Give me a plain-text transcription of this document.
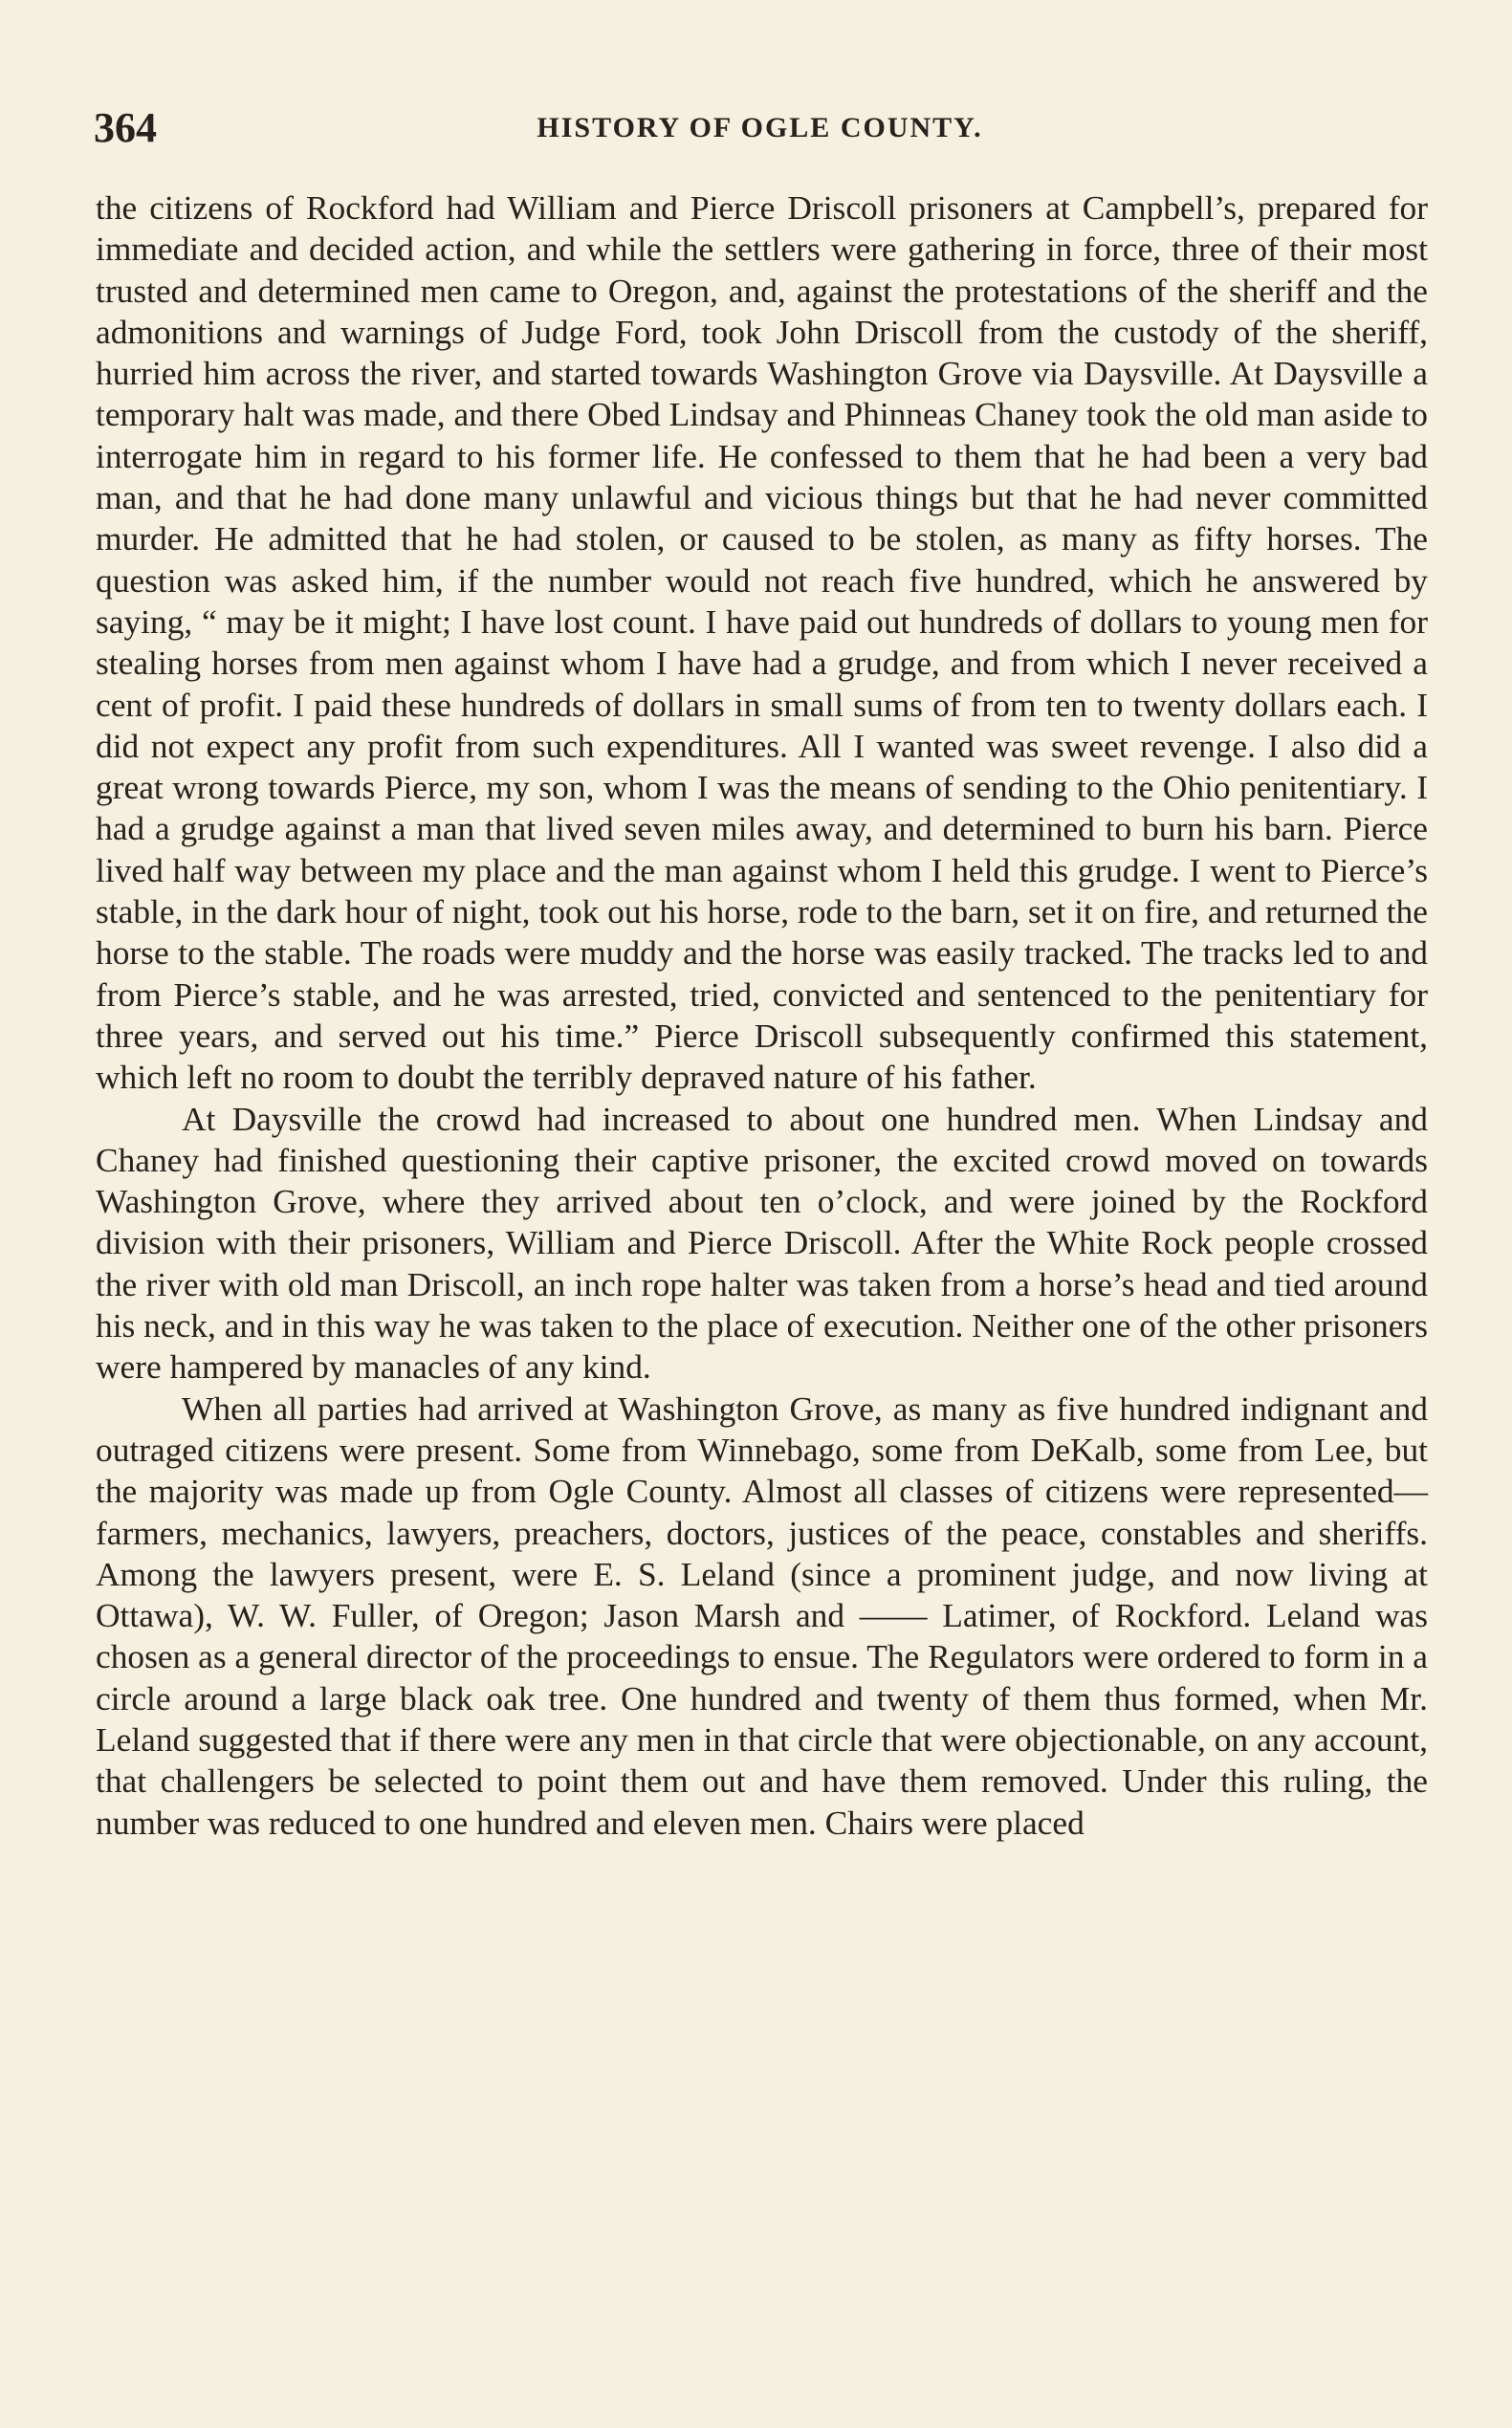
364	HISTORY OF OGLE COUNTY.

the citizens of Rockford had William and Pierce Driscoll prisoners at Campbell’s, prepared for immediate and decided action, and while the settlers were gathering in force, three of their most trusted and determined men came to Oregon, and, against the protestations of the sheriff and the admonitions and warnings of Judge Ford, took John Driscoll from the custody of the sheriff, hurried him across the river, and started towards Washington Grove via Daysville. At Daysville a temporary halt was made, and there Obed Lindsay and Phinneas Chaney took the old man aside to interrogate him in regard to his former life. He confessed to them that he had been a very bad man, and that he had done many unlawful and vicious things but that he had never committed murder. He admitted that he had stolen, or caused to be stolen, as many as fifty horses. The question was asked him, if the number would not reach five hundred, which he answered by saying, “ may be it might; I have lost count. I have paid out hundreds of dollars to young men for stealing horses from men against whom I have had a grudge, and from which I never received a cent of profit. I paid these hundreds of dollars in small sums of from ten to twenty dollars each. I did not expect any profit from such expenditures. All I wanted was sweet revenge. I also did a great wrong towards Pierce, my son, whom I was the means of sending to the Ohio penitentiary. I had a grudge against a man that lived seven miles away, and determined to burn his barn. Pierce lived half way between my place and the man against whom I held this grudge. I went to Pierce’s stable, in the dark hour of night, took out his horse, rode to the barn, set it on fire, and returned the horse to the stable. The roads were muddy and the horse was easily tracked. The tracks led to and from Pierce’s stable, and he was arrested, tried, convicted and sentenced to the penitentiary for three years, and served out his time.” Pierce Driscoll subsequently confirmed this statement, which left no room to doubt the terribly depraved nature of his father.

At Daysville the crowd had increased to about one hundred men. When Lindsay and Chaney had finished questioning their captive prisoner, the excited crowd moved on towards Washington Grove, where they arrived about ten o’clock, and were joined by the Rockford division with their prisoners, William and Pierce Driscoll. After the White Rock people crossed the river with old man Driscoll, an inch rope halter was taken from a horse’s head and tied around his neck, and in this way he was taken to the place of execution. Neither one of the other prisoners were hampered by manacles of any kind.

When all parties had arrived at Washington Grove, as many as five hundred indignant and outraged citizens were present. Some from Winnebago, some from DeKalb, some from Lee, but the majority was made up from Ogle County. Almost all classes of citizens were represented—farmers, mechanics, lawyers, preachers, doctors, justices of the peace, constables and sheriffs. Among the lawyers present, were E. S. Leland (since a prominent judge, and now living at Ottawa), W. W. Fuller, of Oregon; Jason Marsh and —— Latimer, of Rockford. Leland was chosen as a general director of the proceedings to ensue. The Regulators were ordered to form in a circle around a large black oak tree. One hundred and twenty of them thus formed, when Mr. Leland suggested that if there were any men in that circle that were objectionable, on any account, that challengers be selected to point them out and have them removed. Under this ruling, the number was reduced to one hundred and eleven men. Chairs were placed
